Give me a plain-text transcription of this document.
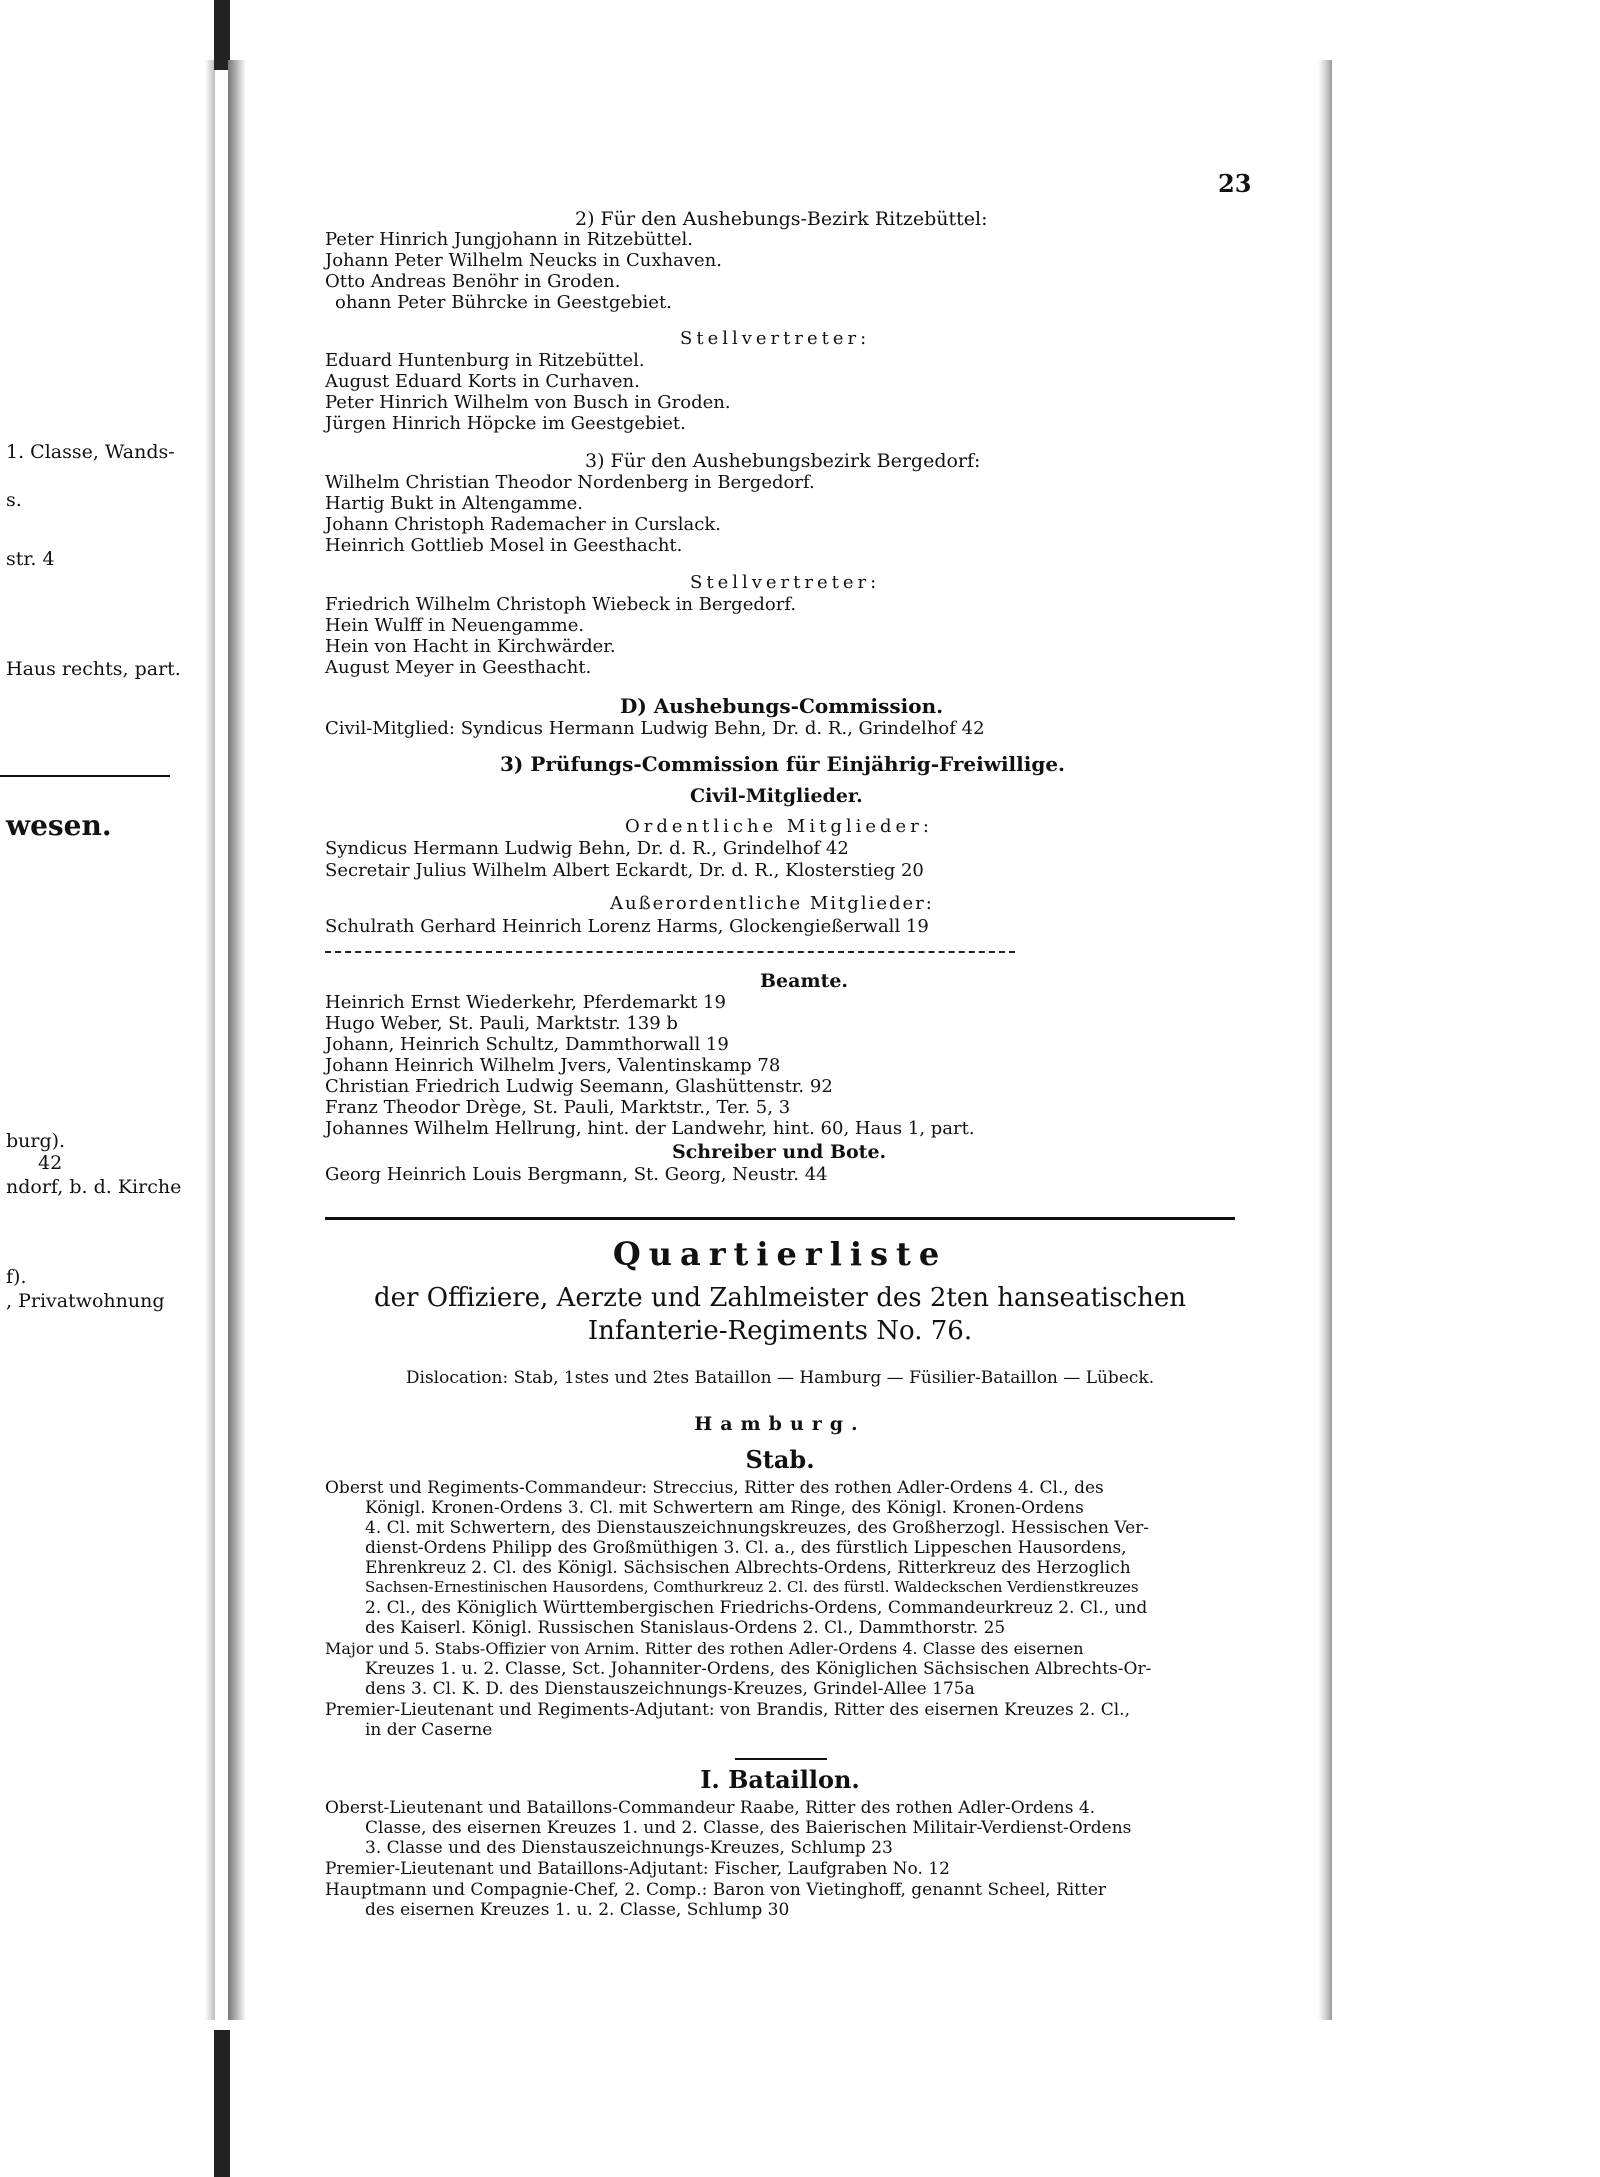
1. Classe, Wands-
s.
str. 4
Haus rechts, part.
wesen.
burg).
42
ndorf, b. d. Kirche
f).
, Privatwohnung
23
2) Für den Aushebungs-Bezirk Ritzebüttel:
Peter Hinrich Jungjohann in Ritzebüttel.
Johann Peter Wilhelm Neucks in Cuxhaven.
Otto Andreas Benöhr in Groden.
ohann Peter Bührcke in Geestgebiet.
Stellvertreter:
Eduard Huntenburg in Ritzebüttel.
August Eduard Korts in Curhaven.
Peter Hinrich Wilhelm von Busch in Groden.
Jürgen Hinrich Höpcke im Geestgebiet.
3) Für den Aushebungsbezirk Bergedorf:
Wilhelm Christian Theodor Nordenberg in Bergedorf.
Hartig Bukt in Altengamme.
Johann Christoph Rademacher in Curslack.
Heinrich Gottlieb Mosel in Geesthacht.
Stellvertreter:
Friedrich Wilhelm Christoph Wiebeck in Bergedorf.
Hein Wulff in Neuengamme.
Hein von Hacht in Kirchwärder.
August Meyer in Geesthacht.
D) Aushebungs-Commission.
Civil-Mitglied: Syndicus Hermann Ludwig Behn, Dr. d. R., Grindelhof 42
3) Prüfungs-Commission für Einjährig-Freiwillige.
Civil-Mitglieder.
Ordentliche Mitglieder:
Syndicus Hermann Ludwig Behn, Dr. d. R., Grindelhof 42
Secretair Julius Wilhelm Albert Eckardt, Dr. d. R., Klosterstieg 20
Außerordentliche Mitglieder:
Schulrath Gerhard Heinrich Lorenz Harms, Glockengießerwall 19
Beamte.
Heinrich Ernst Wiederkehr, Pferdemarkt 19
Hugo Weber, St. Pauli, Marktstr. 139 b
Johann, Heinrich Schultz, Dammthorwall 19
Johann Heinrich Wilhelm Jvers, Valentinskamp 78
Christian Friedrich Ludwig Seemann, Glashüttenstr. 92
Franz Theodor Drège, St. Pauli, Marktstr., Ter. 5, 3
Johannes Wilhelm Hellrung, hint. der Landwehr, hint. 60, Haus 1, part.
Schreiber und Bote.
Georg Heinrich Louis Bergmann, St. Georg, Neustr. 44
Quartierliste
der Offiziere, Aerzte und Zahlmeister des 2ten hanseatischen
Infanterie-Regiments No. 76.
Dislocation: Stab, 1stes und 2tes Bataillon — Hamburg — Füsilier-Bataillon — Lübeck.
Hamburg.
Stab.
Oberst und Regiments-Commandeur: Streccius, Ritter des rothen Adler-Ordens 4. Cl., des
Königl. Kronen-Ordens 3. Cl. mit Schwertern am Ringe, des Königl. Kronen-Ordens
4. Cl. mit Schwertern, des Dienstauszeichnungskreuzes, des Großherzogl. Hessischen Ver-
dienst-Ordens Philipp des Großmüthigen 3. Cl. a., des fürstlich Lippeschen Hausordens,
Ehrenkreuz 2. Cl. des Königl. Sächsischen Albrechts-Ordens, Ritterkreuz des Herzoglich
Sachsen-Ernestinischen Hausordens, Comthurkreuz 2. Cl. des fürstl. Waldeckschen Verdienstkreuzes
2. Cl., des Königlich Württembergischen Friedrichs-Ordens, Commandeurkreuz 2. Cl., und
des Kaiserl. Königl. Russischen Stanislaus-Ordens 2. Cl., Dammthorstr. 25
Major und 5. Stabs-Offizier von Arnim. Ritter des rothen Adler-Ordens 4. Classe des eisernen
Kreuzes 1. u. 2. Classe, Sct. Johanniter-Ordens, des Königlichen Sächsischen Albrechts-Or-
dens 3. Cl. K. D. des Dienstauszeichnungs-Kreuzes, Grindel-Allee 175a
Premier-Lieutenant und Regiments-Adjutant: von Brandis, Ritter des eisernen Kreuzes 2. Cl.,
in der Caserne
I. Bataillon.
Oberst-Lieutenant und Bataillons-Commandeur Raabe, Ritter des rothen Adler-Ordens 4.
Classe, des eisernen Kreuzes 1. und 2. Classe, des Baierischen Militair-Verdienst-Ordens
3. Classe und des Dienstauszeichnungs-Kreuzes, Schlump 23
Premier-Lieutenant und Bataillons-Adjutant: Fischer, Laufgraben No. 12
Hauptmann und Compagnie-Chef, 2. Comp.: Baron von Vietinghoff, genannt Scheel, Ritter
des eisernen Kreuzes 1. u. 2. Classe, Schlump 30
